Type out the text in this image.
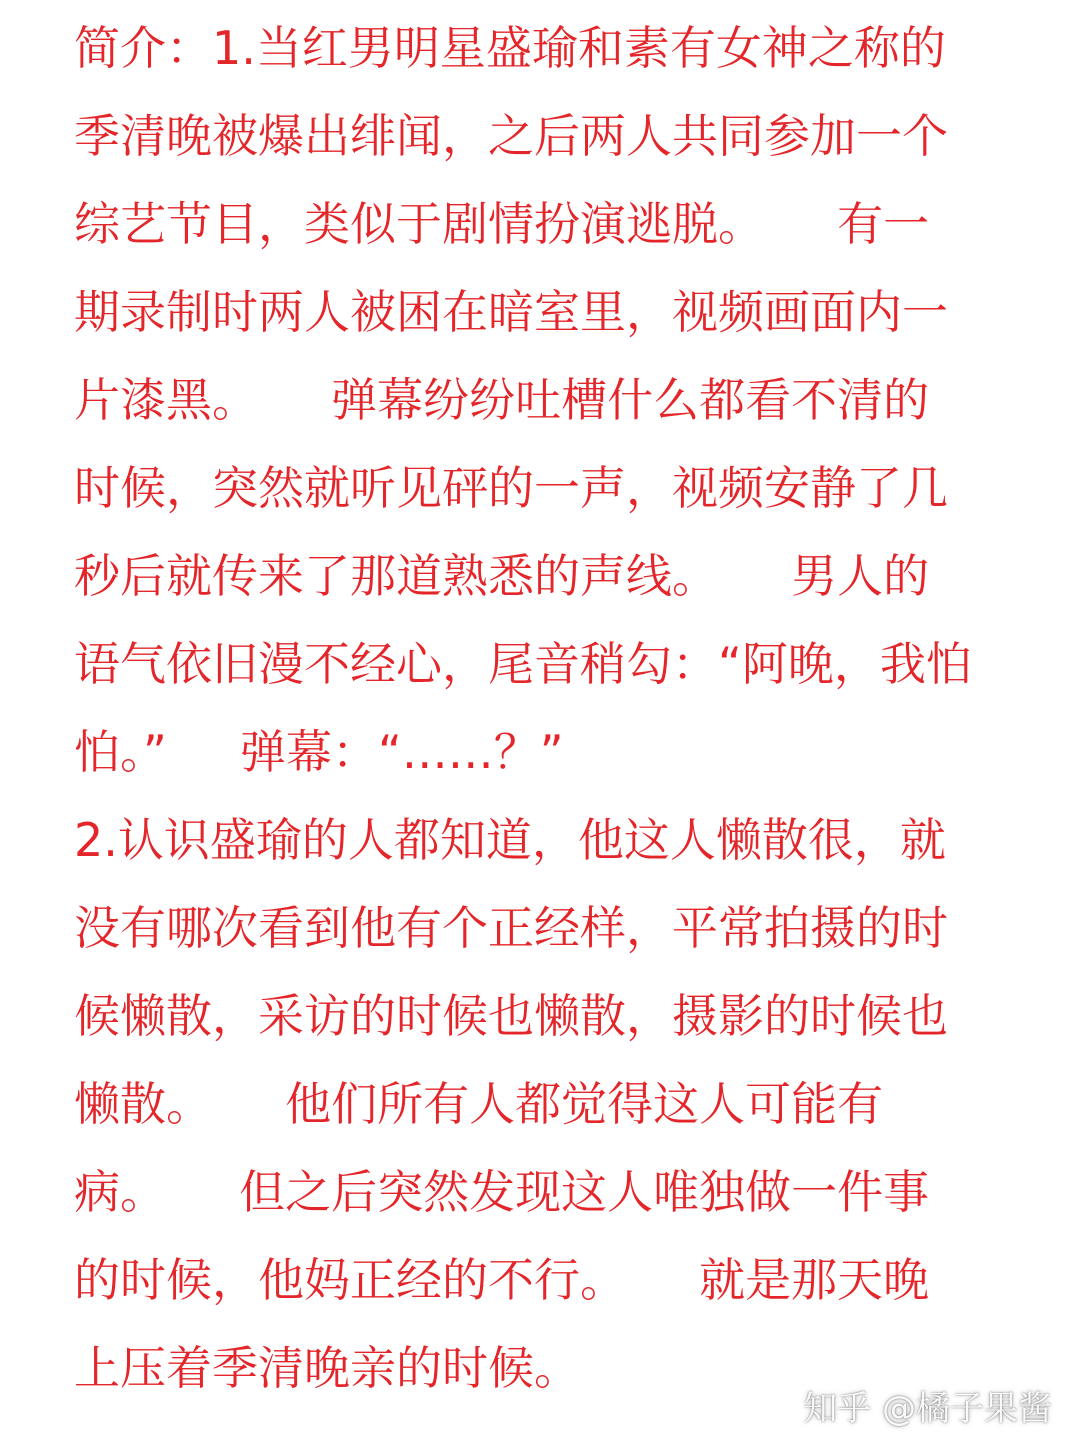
简介：1.当红男明星盛瑜和素有女神之称的
季清晚被爆出绯闻，之后两人共同参加一个
综艺节目，类似于剧情扮演逃脱。     有一
期录制时两人被困在暗室里，视频画面内一
片漆黑。     弹幕纷纷吐槽什么都看不清的
时候，突然就听见砰的一声，视频安静了几
秒后就传来了那道熟悉的声线。     男人的
语气依旧漫不经心，尾音稍勾：“阿晚，我怕
怕。”     弹幕：“……？”
2.认识盛瑜的人都知道，他这人懒散很，就
没有哪次看到他有个正经样，平常拍摄的时
候懒散，采访的时候也懒散，摄影的时候也
懒散。     他们所有人都觉得这人可能有
病。     但之后突然发现这人唯独做一件事
的时候，他妈正经的不行。     就是那天晚
上压着季清晚亲的时候。
知乎 @橘子果酱
